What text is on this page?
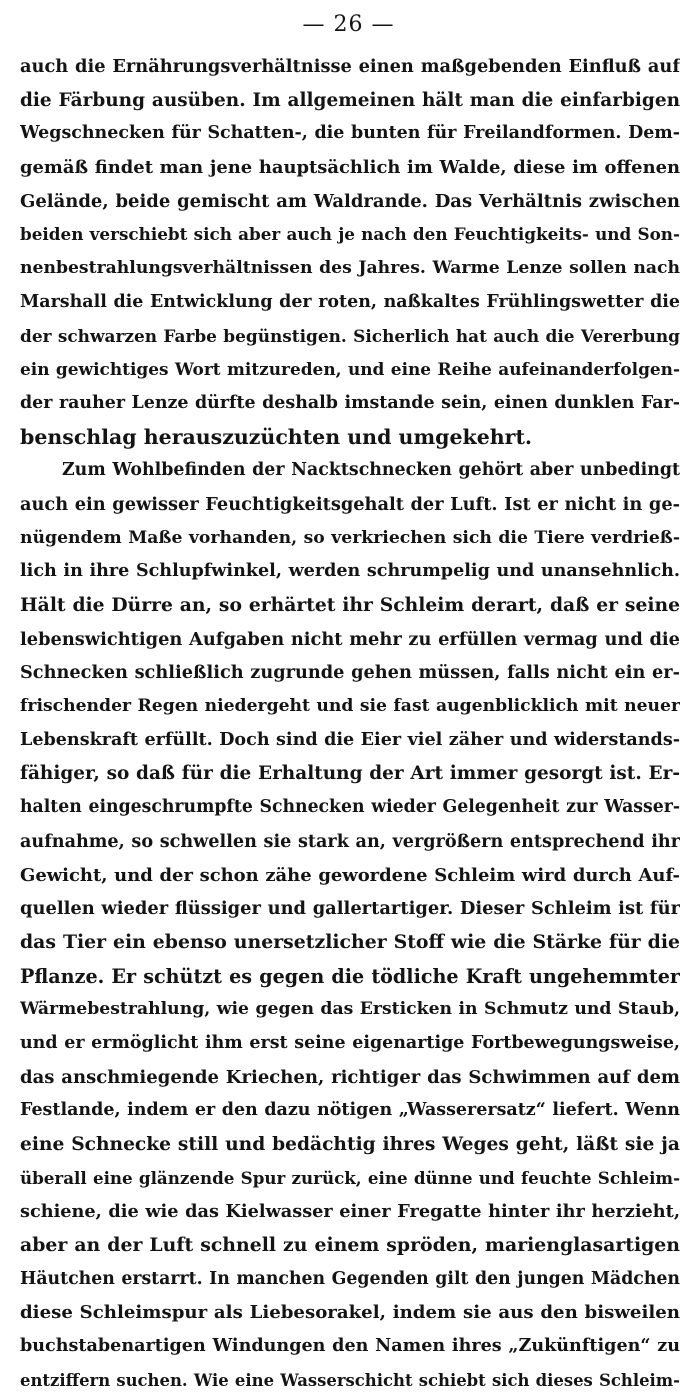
— 26 —
auch die Ernährungsverhältnisse einen maßgebenden Einfluß auf
die Färbung ausüben. Im allgemeinen hält man die einfarbigen
Wegschnecken für Schatten-, die bunten für Freilandformen. Dem-
gemäß findet man jene hauptsächlich im Walde, diese im offenen
Gelände, beide gemischt am Waldrande. Das Verhältnis zwischen
beiden verschiebt sich aber auch je nach den Feuchtigkeits- und Son-
nenbestrahlungsverhältnissen des Jahres. Warme Lenze sollen nach
Marshall die Entwicklung der roten, naßkaltes Frühlingswetter die
der schwarzen Farbe begünstigen. Sicherlich hat auch die Vererbung
ein gewichtiges Wort mitzureden, und eine Reihe aufeinanderfolgen-
der rauher Lenze dürfte deshalb imstande sein, einen dunklen Far-
benschlag herauszuzüchten und umgekehrt.
Zum Wohlbefinden der Nacktschnecken gehört aber unbedingt
auch ein gewisser Feuchtigkeitsgehalt der Luft. Ist er nicht in ge-
nügendem Maße vorhanden, so verkriechen sich die Tiere verdrieß-
lich in ihre Schlupfwinkel, werden schrumpelig und unansehnlich.
Hält die Dürre an, so erhärtet ihr Schleim derart, daß er seine
lebenswichtigen Aufgaben nicht mehr zu erfüllen vermag und die
Schnecken schließlich zugrunde gehen müssen, falls nicht ein er-
frischender Regen niedergeht und sie fast augenblicklich mit neuer
Lebenskraft erfüllt. Doch sind die Eier viel zäher und widerstands-
fähiger, so daß für die Erhaltung der Art immer gesorgt ist. Er-
halten eingeschrumpfte Schnecken wieder Gelegenheit zur Wasser-
aufnahme, so schwellen sie stark an, vergrößern entsprechend ihr
Gewicht, und der schon zähe gewordene Schleim wird durch Auf-
quellen wieder flüssiger und gallertartiger. Dieser Schleim ist für
das Tier ein ebenso unersetzlicher Stoff wie die Stärke für die
Pflanze. Er schützt es gegen die tödliche Kraft ungehemmter
Wärmebestrahlung, wie gegen das Ersticken in Schmutz und Staub,
und er ermöglicht ihm erst seine eigenartige Fortbewegungsweise,
das anschmiegende Kriechen, richtiger das Schwimmen auf dem
Festlande, indem er den dazu nötigen „Wasserersatz“ liefert. Wenn
eine Schnecke still und bedächtig ihres Weges geht, läßt sie ja
überall eine glänzende Spur zurück, eine dünne und feuchte Schleim-
schiene, die wie das Kielwasser einer Fregatte hinter ihr herzieht,
aber an der Luft schnell zu einem spröden, marienglasartigen
Häutchen erstarrt. In manchen Gegenden gilt den jungen Mädchen
diese Schleimspur als Liebesorakel, indem sie aus den bisweilen
buchstabenartigen Windungen den Namen ihres „Zukünftigen“ zu
entziffern suchen. Wie eine Wasserschicht schiebt sich dieses Schleim-
